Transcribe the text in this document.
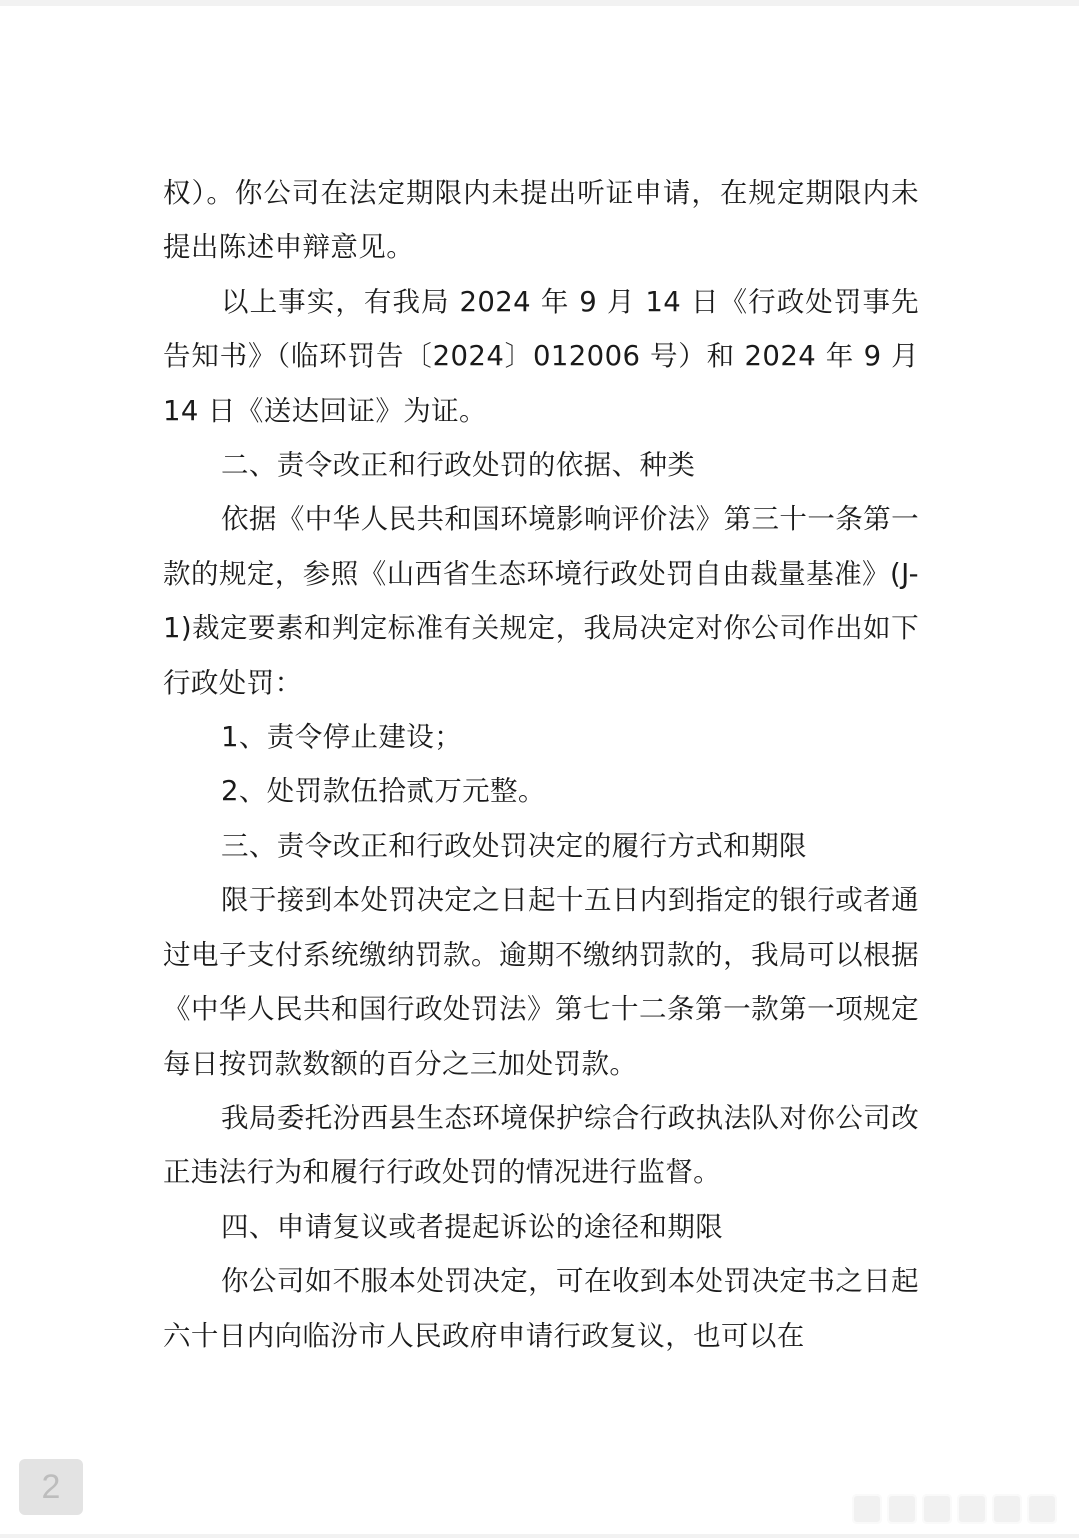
权）。你公司在法定期限内未提出听证申请，在规定期限内未提出陈述申辩意见。

以上事实，有我局 2024 年 9 月 14 日《行政处罚事先告知书》（临环罚告〔2024〕012006 号）和 2024 年 9 月 14 日《送达回证》为证。

二、责令改正和行政处罚的依据、种类

依据《中华人民共和国环境影响评价法》第三十一条第一款的规定，参照《山西省生态环境行政处罚自由裁量基准》(J-1)裁定要素和判定标准有关规定，我局决定对你公司作出如下行政处罚：

1、责令停止建设；

2、处罚款伍拾贰万元整。

三、责令改正和行政处罚决定的履行方式和期限

限于接到本处罚决定之日起十五日内到指定的银行或者通过电子支付系统缴纳罚款。逾期不缴纳罚款的，我局可以根据《中华人民共和国行政处罚法》第七十二条第一款第一项规定每日按罚款数额的百分之三加处罚款。

我局委托汾西县生态环境保护综合行政执法队对你公司改正违法行为和履行行政处罚的情况进行监督。

四、申请复议或者提起诉讼的途径和期限

你公司如不服本处罚决定，可在收到本处罚决定书之日起六十日内向临汾市人民政府申请行政复议，也可以在

2
